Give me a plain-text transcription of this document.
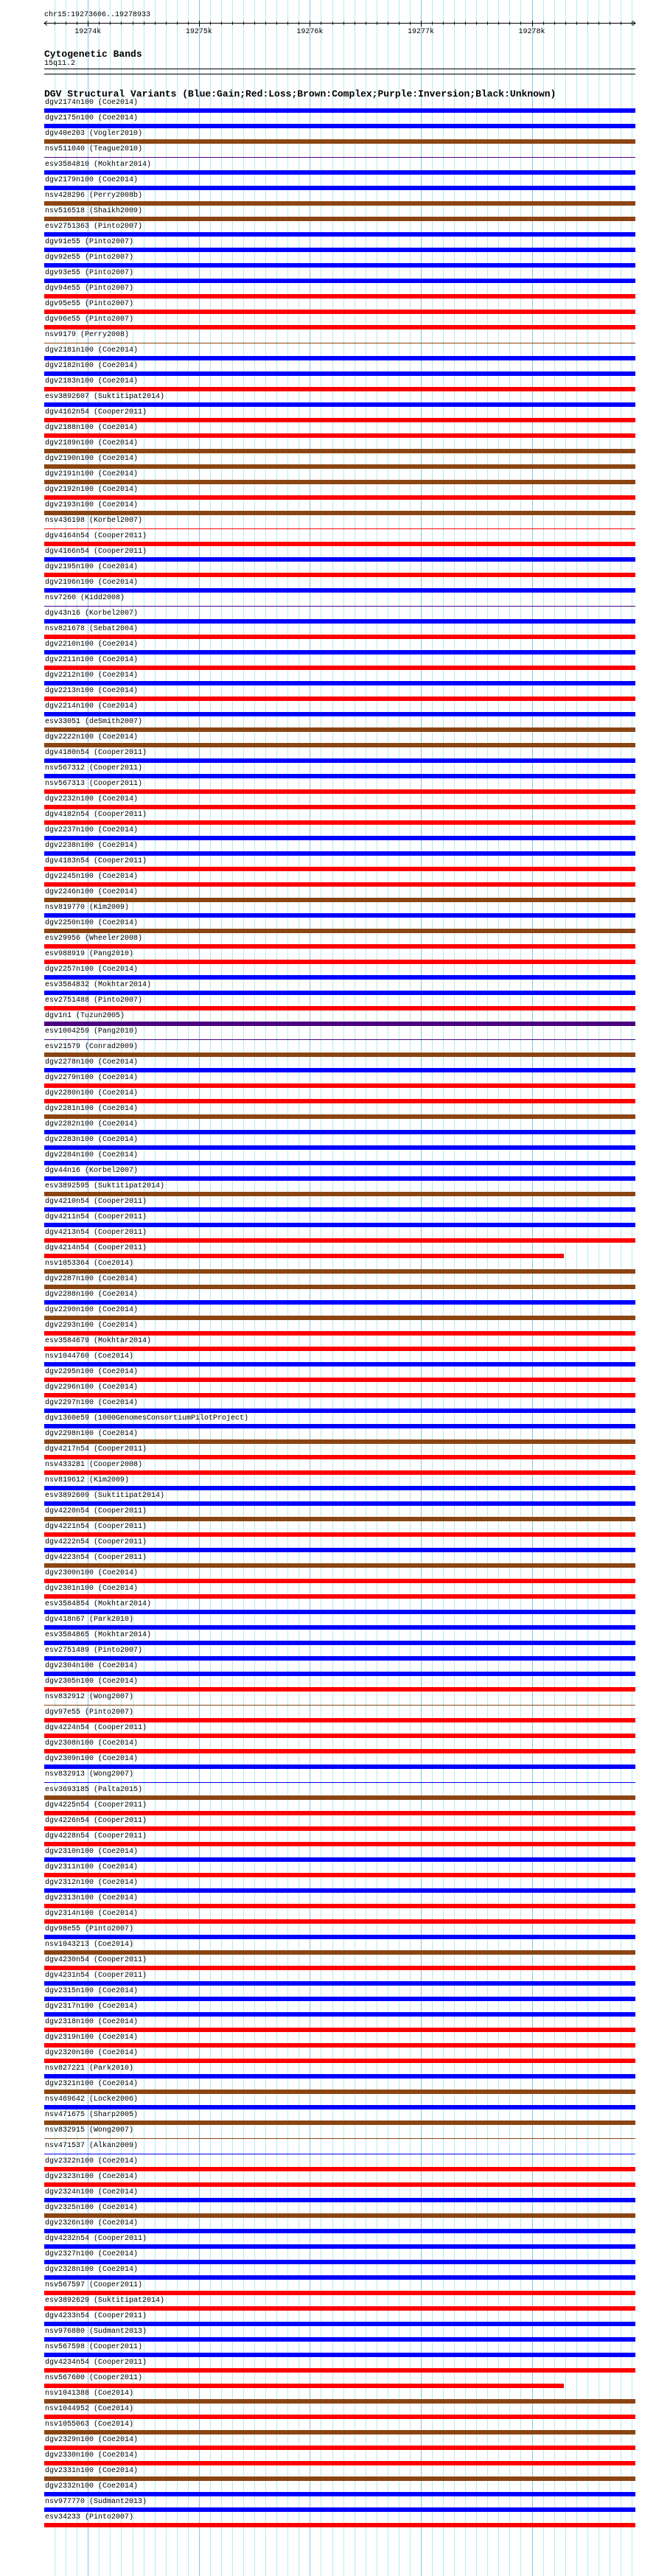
19274k	19275k	19276k	19277k	19278k
chr15:19273606..19278933
Cytogenetic Bands
15q11.2
DGV Structural Variants (Blue:Gain;Red:Loss;Brown:Complex;Purple:Inversion;Black:Unknown)
dgv2174n100 (Coe2014)
dgv2175n100 (Coe2014)
dgv40e203 (Vogler2010)
nsv511040 (Teague2010)
esv3584810 (Mokhtar2014)
dgv2179n100 (Coe2014)
nsv428296 (Perry2008b)
nsv516518 (Shaikh2009)
esv2751363 (Pinto2007)
dgv91e55 (Pinto2007)
dgv92e55 (Pinto2007)
dgv93e55 (Pinto2007)
dgv94e55 (Pinto2007)
dgv95e55 (Pinto2007)
dgv96e55 (Pinto2007)
nsv9179 (Perry2008)
dgv2181n100 (Coe2014)
dgv2182n100 (Coe2014)
dgv2183n100 (Coe2014)
esv3892607 (Suktitipat2014)
dgv4162n54 (Cooper2011)
dgv2188n100 (Coe2014)
dgv2189n100 (Coe2014)
dgv2190n100 (Coe2014)
dgv2191n100 (Coe2014)
dgv2192n100 (Coe2014)
dgv2193n100 (Coe2014)
nsv436198 (Korbel2007)
dgv4164n54 (Cooper2011)
dgv4166n54 (Cooper2011)
dgv2195n100 (Coe2014)
dgv2196n100 (Coe2014)
nsv7260 (Kidd2008)
dgv43n16 (Korbel2007)
nsv821678 (Sebat2004)
dgv2210n100 (Coe2014)
dgv2211n100 (Coe2014)
dgv2212n100 (Coe2014)
dgv2213n100 (Coe2014)
dgv2214n100 (Coe2014)
esv33051 (deSmith2007)
dgv2222n100 (Coe2014)
dgv4180n54 (Cooper2011)
nsv567312 (Cooper2011)
nsv567313 (Cooper2011)
dgv2232n100 (Coe2014)
dgv4182n54 (Cooper2011)
dgv2237n100 (Coe2014)
dgv2238n100 (Coe2014)
dgv4183n54 (Cooper2011)
dgv2245n100 (Coe2014)
dgv2246n100 (Coe2014)
nsv819770 (Kim2009)
dgv2250n100 (Coe2014)
esv29956 (Wheeler2008)
esv988919 (Pang2010)
dgv2257n100 (Coe2014)
esv3584832 (Mokhtar2014)
esv2751488 (Pinto2007)
dgv1n1 (Tuzun2005)
esv1004259 (Pang2010)
esv21579 (Conrad2009)
dgv2278n100 (Coe2014)
dgv2279n100 (Coe2014)
dgv2280n100 (Coe2014)
dgv2281n100 (Coe2014)
dgv2282n100 (Coe2014)
dgv2283n100 (Coe2014)
dgv2284n100 (Coe2014)
dgv44n16 (Korbel2007)
esv3892595 (Suktitipat2014)
dgv4210n54 (Cooper2011)
dgv4211n54 (Cooper2011)
dgv4213n54 (Cooper2011)
dgv4214n54 (Cooper2011)
nsv1053364 (Coe2014)
dgv2287n100 (Coe2014)
dgv2288n100 (Coe2014)
dgv2290n100 (Coe2014)
dgv2293n100 (Coe2014)
esv3584679 (Mokhtar2014)
nsv1044760 (Coe2014)
dgv2295n100 (Coe2014)
dgv2296n100 (Coe2014)
dgv2297n100 (Coe2014)
dgv1360e59 (1000GenomesConsortiumPilotProject)
dgv2298n100 (Coe2014)
dgv4217n54 (Cooper2011)
nsv433281 (Cooper2008)
nsv819612 (Kim2009)
esv3892609 (Suktitipat2014)
dgv4220n54 (Cooper2011)
dgv4221n54 (Cooper2011)
dgv4222n54 (Cooper2011)
dgv4223n54 (Cooper2011)
dgv2300n100 (Coe2014)
dgv2301n100 (Coe2014)
esv3584854 (Mokhtar2014)
dgv418n67 (Park2010)
esv3584865 (Mokhtar2014)
esv2751489 (Pinto2007)
dgv2304n100 (Coe2014)
dgv2305n100 (Coe2014)
nsv832912 (Wong2007)
dgv97e55 (Pinto2007)
dgv4224n54 (Cooper2011)
dgv2308n100 (Coe2014)
dgv2309n100 (Coe2014)
nsv832913 (Wong2007)
esv3693185 (Palta2015)
dgv4225n54 (Cooper2011)
dgv4226n54 (Cooper2011)
dgv4228n54 (Cooper2011)
dgv2310n100 (Coe2014)
dgv2311n100 (Coe2014)
dgv2312n100 (Coe2014)
dgv2313n100 (Coe2014)
dgv2314n100 (Coe2014)
dgv98e55 (Pinto2007)
nsv1043213 (Coe2014)
dgv4230n54 (Cooper2011)
dgv4231n54 (Cooper2011)
dgv2315n100 (Coe2014)
dgv2317n100 (Coe2014)
dgv2318n100 (Coe2014)
dgv2319n100 (Coe2014)
dgv2320n100 (Coe2014)
nsv827221 (Park2010)
dgv2321n100 (Coe2014)
nsv469642 (Locke2006)
nsv471675 (Sharp2005)
nsv832915 (Wong2007)
nsv471537 (Alkan2009)
dgv2322n100 (Coe2014)
dgv2323n100 (Coe2014)
dgv2324n100 (Coe2014)
dgv2325n100 (Coe2014)
dgv2326n100 (Coe2014)
dgv4232n54 (Cooper2011)
dgv2327n100 (Coe2014)
dgv2328n100 (Coe2014)
nsv567597 (Cooper2011)
esv3892629 (Suktitipat2014)
dgv4233n54 (Cooper2011)
nsv976880 (Sudmant2013)
nsv567598 (Cooper2011)
dgv4234n54 (Cooper2011)
nsv567600 (Cooper2011)
nsv1041388 (Coe2014)
nsv1044952 (Coe2014)
nsv1055063 (Coe2014)
dgv2329n100 (Coe2014)
dgv2330n100 (Coe2014)
dgv2331n100 (Coe2014)
dgv2332n100 (Coe2014)
nsv977770 (Sudmant2013)
esv34233 (Pinto2007)
